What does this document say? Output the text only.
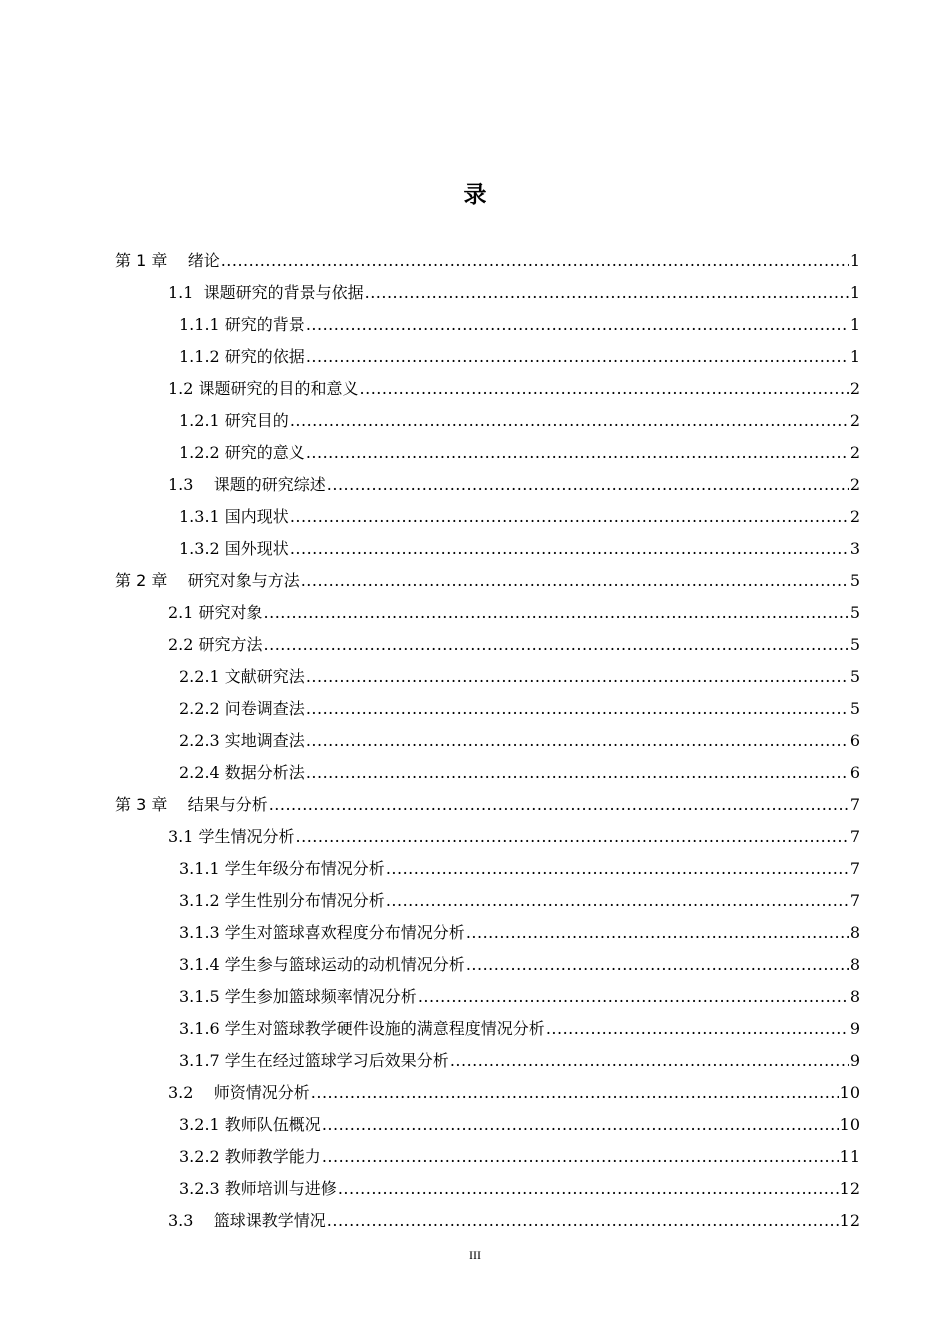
录
第 1 章    绪论 .....	1
1.1  课题研究的背景与依据 .....	1
1.1.1 研究的背景 .....	1
1.1.2 研究的依据 .....	1
1.2 课题研究的目的和意义 .....	2
1.2.1 研究目的 .....	2
1.2.2 研究的意义 .....	2
1.3    课题的研究综述 .....	2
1.3.1 国内现状 .....	2
1.3.2 国外现状 .....	3
第 2 章    研究对象与方法 .....	5
2.1 研究对象 .....	5
2.2 研究方法 .....	5
2.2.1 文献研究法 .....	5
2.2.2 问卷调查法 .....	5
2.2.3 实地调查法 .....	6
2.2.4 数据分析法 .....	6
第 3 章    结果与分析 .....	7
3.1 学生情况分析 .....	7
3.1.1 学生年级分布情况分析 .....	7
3.1.2 学生性别分布情况分析 .....	7
3.1.3 学生对篮球喜欢程度分布情况分析 .....	8
3.1.4 学生参与篮球运动的动机情况分析 .....	8
3.1.5 学生参加篮球频率情况分析 .....	8
3.1.6 学生对篮球教学硬件设施的满意程度情况分析 .....	9
3.1.7 学生在经过篮球学习后效果分析 .....	9
3.2    师资情况分析 .....	10
3.2.1 教师队伍概况 .....	10
3.2.2 教师教学能力 .....	11
3.2.3 教师培训与进修 .....	12
3.3    篮球课教学情况 .....	12
III
